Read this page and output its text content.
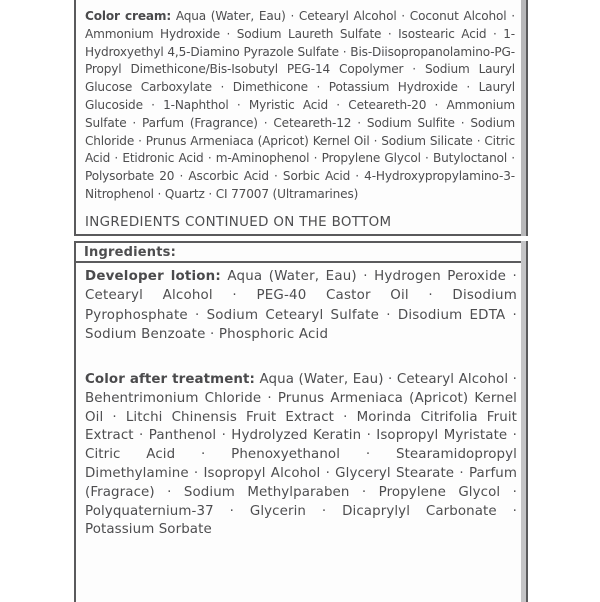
Color cream: Aqua (Water, Eau) · Cetearyl Alcohol · Coconut Alcohol · Ammonium Hydroxide · Sodium Laureth Sulfate · Isostearic Acid · 1-Hydroxyethyl 4,5-Diamino Pyrazole Sulfate · Bis-Diisopropanolamino-PG-Propyl Dimethicone/Bis-Isobutyl PEG-14 Copolymer · Sodium Lauryl Glucose Carboxylate · Dimethicone · Potassium Hydroxide · Lauryl Glucoside · 1-Naphthol · Myristic Acid · Ceteareth-20 · Ammonium Sulfate · Parfum (Fragrance) · Ceteareth-12 · Sodium Sulfite · Sodium Chloride · Prunus Armeniaca (Apricot) Kernel Oil · Sodium Silicate · Citric Acid · Etidronic Acid · m-Aminophenol · Propylene Glycol · Butyloctanol · Polysorbate 20 · Ascorbic Acid · Sorbic Acid · 4-Hydroxypropylamino-3-Nitrophenol · Quartz · CI 77007 (Ultramarines)

INGREDIENTS CONTINUED ON THE BOTTOM
Ingredients:

Developer lotion: Aqua (Water, Eau) · Hydrogen Peroxide · Cetearyl Alcohol · PEG-40 Castor Oil · Disodium Pyrophosphate · Sodium Cetearyl Sulfate · Disodium EDTA · Sodium Benzoate · Phosphoric Acid

Color after treatment: Aqua (Water, Eau) · Cetearyl Alcohol · Behentrimonium Chloride · Prunus Armeniaca (Apricot) Kernel Oil · Litchi Chinensis Fruit Extract · Morinda Citrifolia Fruit Extract · Panthenol · Hydrolyzed Keratin · Isopropyl Myristate · Citric Acid · Phenoxyethanol · Stearamidopropyl Dimethylamine · Isopropyl Alcohol · Glyceryl Stearate · Parfum (Fragrace) · Sodium Methylparaben · Propylene Glycol · Polyquaternium-37 · Glycerin · Dicaprylyl Carbonate · Potassium Sorbate
